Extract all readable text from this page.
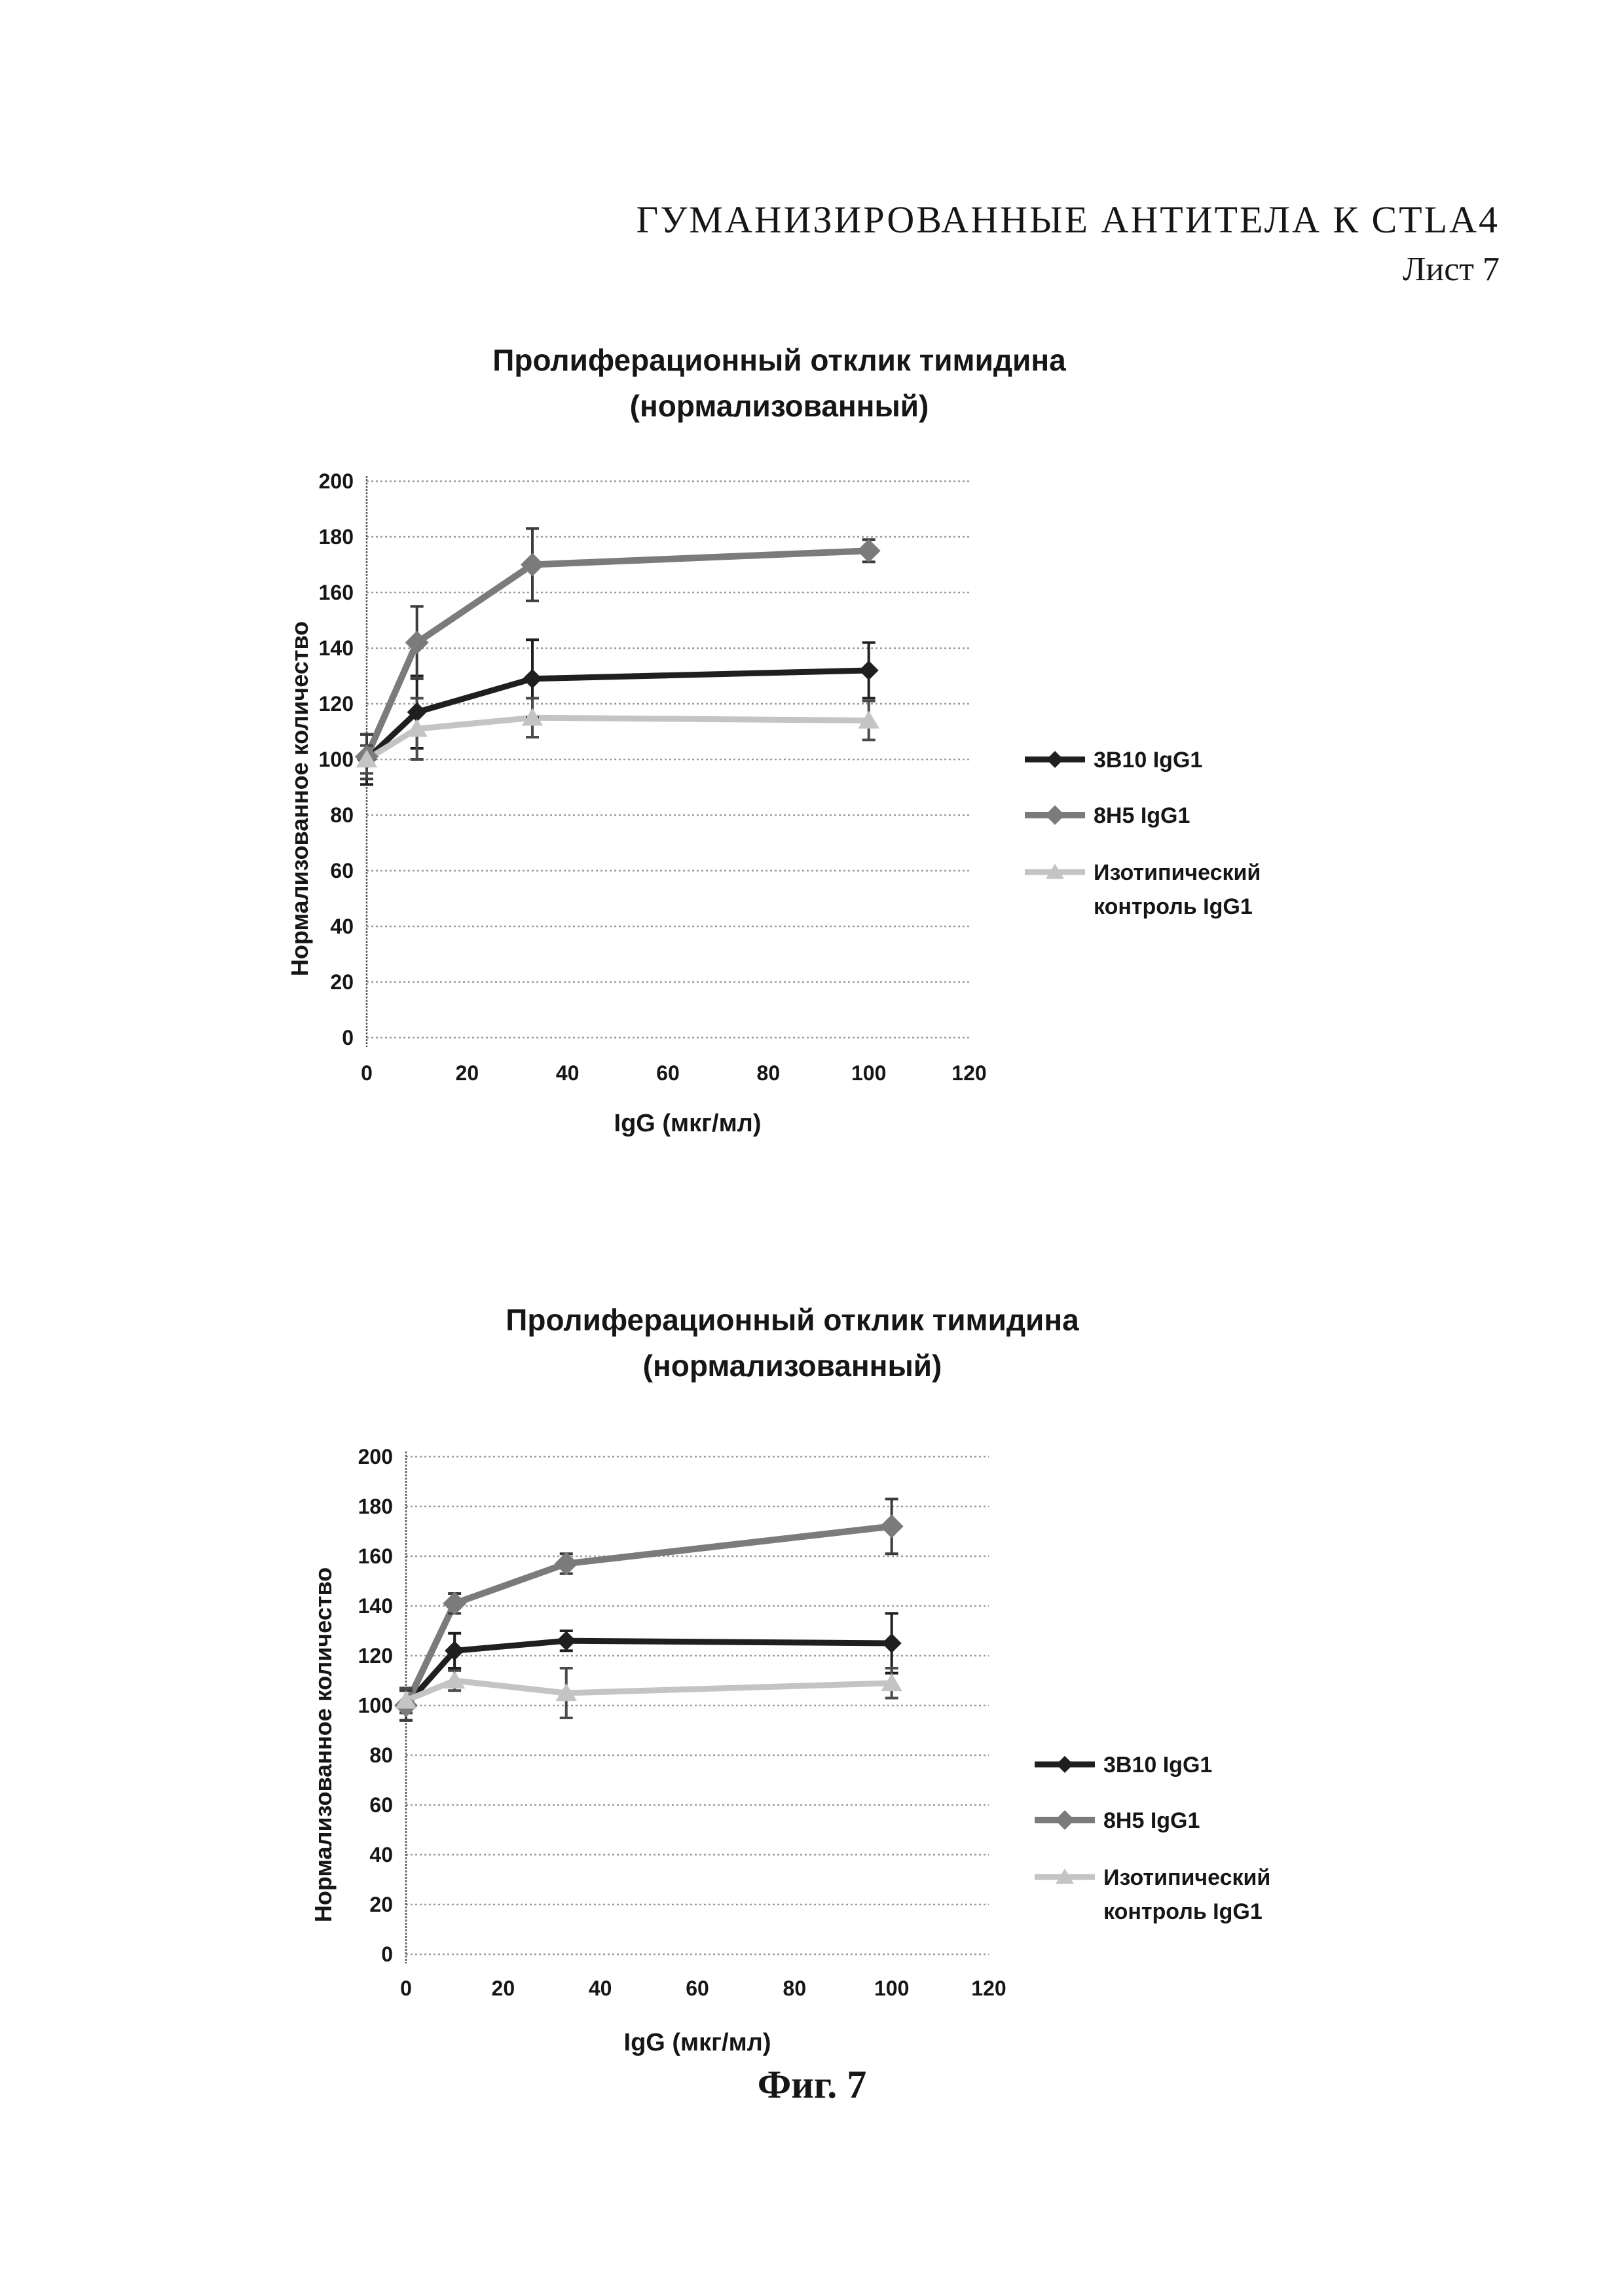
ГУМАНИЗИРОВАННЫЕ АНТИТЕЛА К CTLA4
Лист 7
0
20
40
60
80
100
120
140
160
180
200
0	20	40	60	80	100	120
Пролиферационный отклик тимидина
(нормализованный)
IgG (мкг/мл)
Нормализованное количество	3B10 IgG1
8H5 IgG1
Изотипический контроль IgG1
0
20
40
60
80
100
120
140
160
180
200
0	20	40	60	80	100	120
Пролиферационный отклик тимидина
(нормализованный)
IgG (мкг/мл)
Нормализованное количество	3B10 IgG1
8H5 IgG1
Изотипический контроль IgG1
Фиг. 7
